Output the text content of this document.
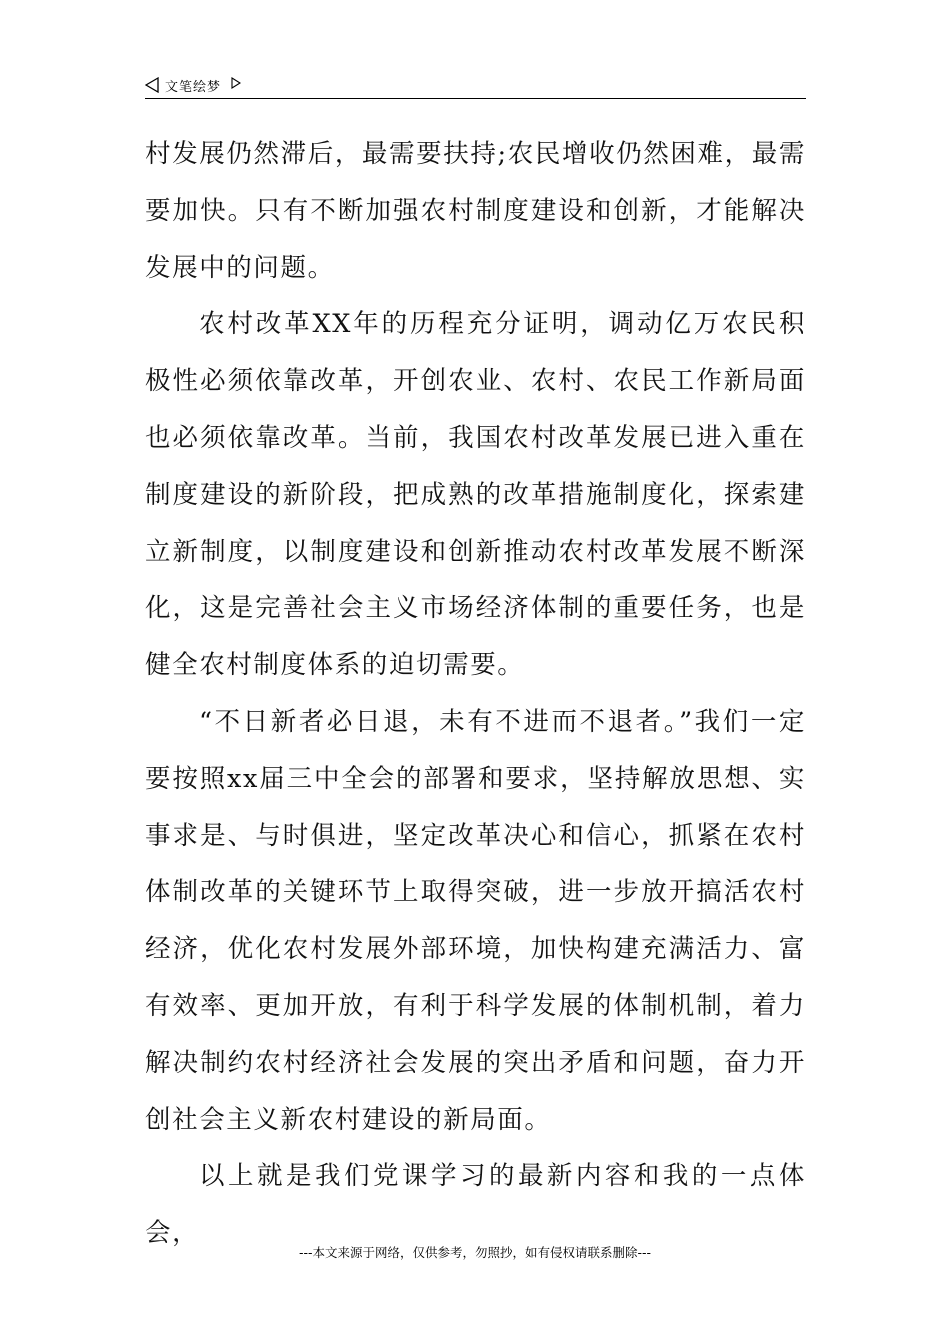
文笔绘梦

村发展仍然滞后，最需要扶持;农民增收仍然困难，最需要加快。只有不断加强农村制度建设和创新，才能解决发展中的问题。

农村改革XX年的历程充分证明，调动亿万农民积极性必须依靠改革，开创农业、农村、农民工作新局面也必须依靠改革。当前，我国农村改革发展已进入重在制度建设的新阶段，把成熟的改革措施制度化，探索建立新制度，以制度建设和创新推动农村改革发展不断深化，这是完善社会主义市场经济体制的重要任务，也是健全农村制度体系的迫切需要。

“不日新者必日退，未有不进而不退者。”我们一定要按照xx届三中全会的部署和要求，坚持解放思想、实事求是、与时俱进，坚定改革决心和信心，抓紧在农村体制改革的关键环节上取得突破，进一步放开搞活农村经济，优化农村发展外部环境，加快构建充满活力、富有效率、更加开放，有利于科学发展的体制机制，着力解决制约农村经济社会发展的突出矛盾和问题，奋力开创社会主义新农村建设的新局面。

以上就是我们党课学习的最新内容和我的一点体会，

---本文来源于网络，仅供参考，勿照抄，如有侵权请联系删除---
